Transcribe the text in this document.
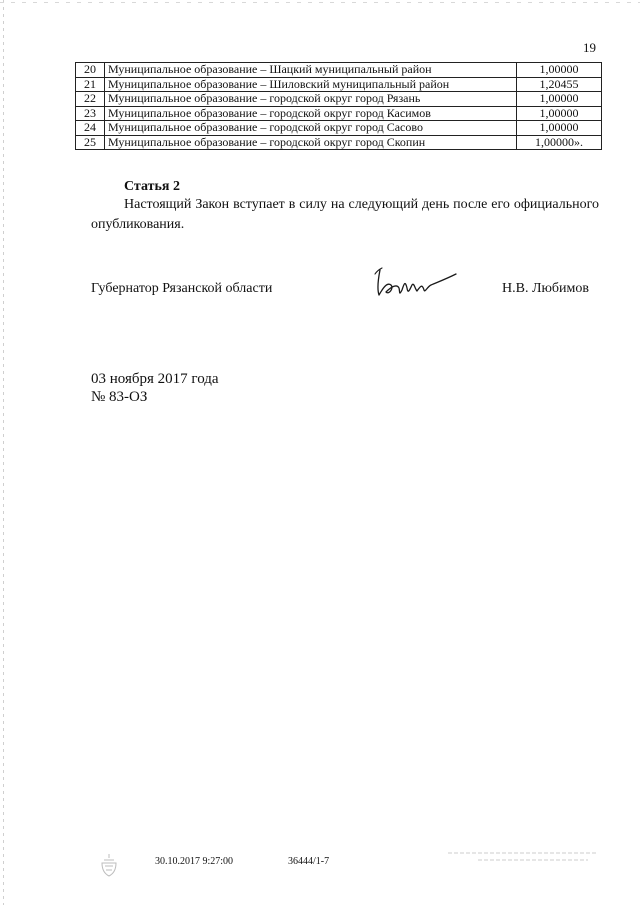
19
20	Муниципальное образование – Шацкий муниципальный район	1,00000
21	Муниципальное образование – Шиловский муниципальный район	1,20455
22	Муниципальное образование – городской округ город Рязань	1,00000
23	Муниципальное образование – городской округ город Касимов	1,00000
24	Муниципальное образование – городской округ город Сасово	1,00000
25	Муниципальное образование – городской округ город Скопин	1,00000».
Статья 2

Настоящий Закон вступает в силу на следующий день после его официального опубликования.

Губернатор Рязанской области	Н.В. Любимов
03 ноября 2017 года
№ 83-ОЗ
30.10.2017 9:27:00	36444/1-7
